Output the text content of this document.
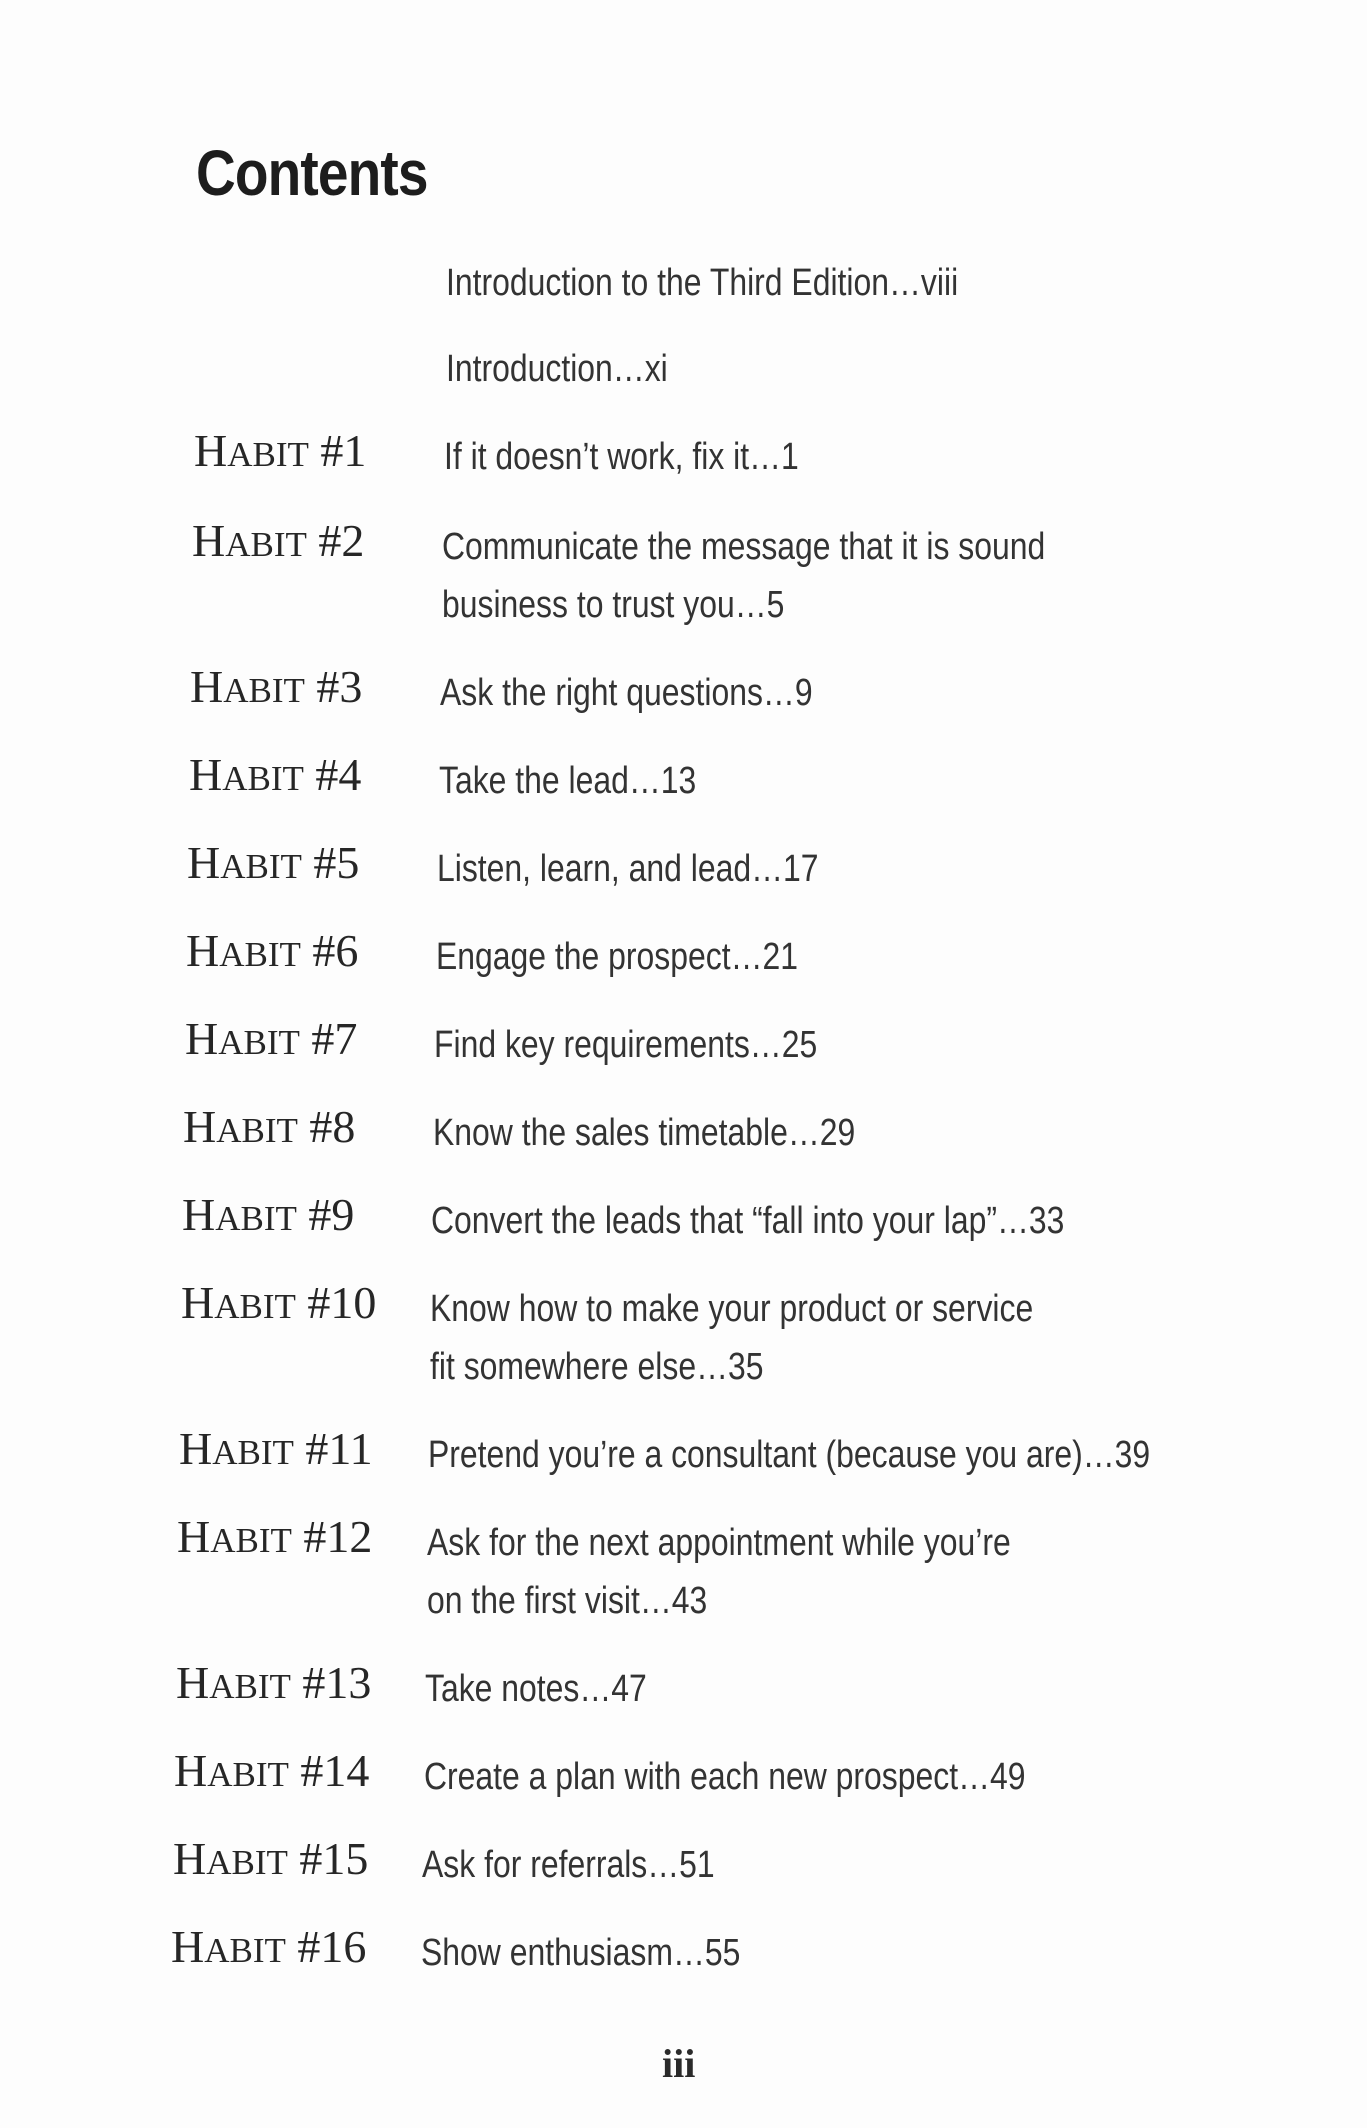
Contents
Introduction to the Third Edition…viii
Introduction…xi
HABIT #1 If it doesn’t work, fix it…1
HABIT #2 Communicate the message that it is sound
business to trust you…5
HABIT #3 Ask the right questions…9
HABIT #4 Take the lead…13
HABIT #5 Listen, learn, and lead…17
HABIT #6 Engage the prospect…21
HABIT #7 Find key requirements…25
HABIT #8 Know the sales timetable…29
HABIT #9 Convert the leads that “fall into your lap”…33
HABIT #10 Know how to make your product or service
fit somewhere else…35
HABIT #11 Pretend you’re a consultant (because you are)…39
HABIT #12 Ask for the next appointment while you’re
on the first visit…43
HABIT #13 Take notes…47
HABIT #14 Create a plan with each new prospect…49
HABIT #15 Ask for referrals…51
HABIT #16 Show enthusiasm…55
iii
